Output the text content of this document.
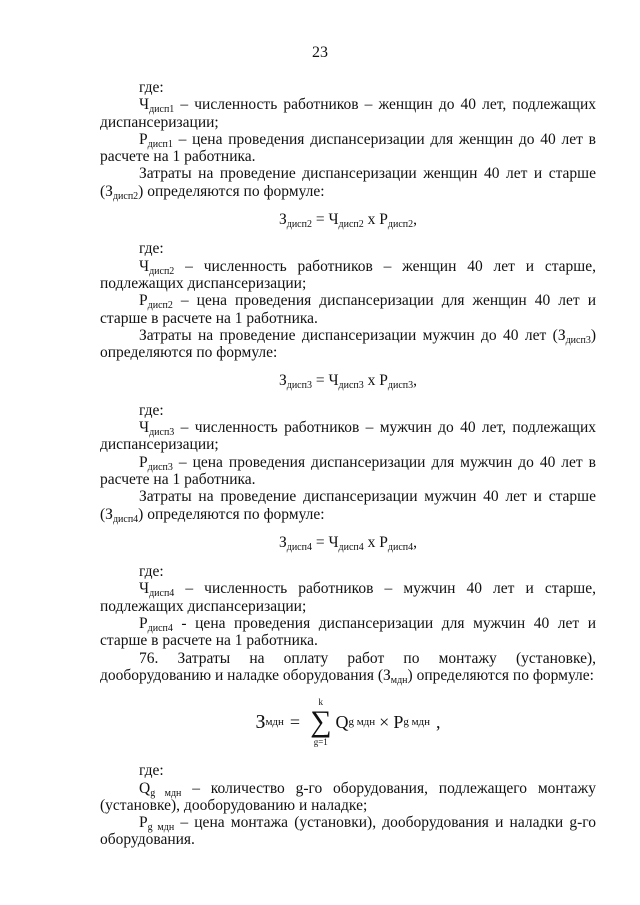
23

где:

$Ч_{дисп1}$ – численность работников – женщин до 40 лет, подлежащих диспансеризации;

$Р_{дисп1}$ – цена проведения диспансеризации для женщин до 40 лет в расчете на 1 работника.

Затраты на проведение диспансеризации женщин 40 лет и старше $(З_{дисп2})$ определяются по формуле:

$З_{дисп2} = Ч_{дисп2}$ х $Р_{дисп2}$,

где:

$Ч_{дисп2}$ – численность работников – женщин 40 лет и старше, подлежащих диспансеризации;

$Р_{дисп2}$ – цена проведения диспансеризации для женщин 40 лет и старше в расчете на 1 работника.

Затраты на проведение диспансеризации мужчин до 40 лет $(З_{дисп3})$ определяются по формуле:

$З_{дисп3} = Ч_{дисп3}$ х $Р_{дисп3}$,

где:

$Ч_{дисп3}$ – численность работников – мужчин до 40 лет, подлежащих диспансеризации;

$Р_{дисп3}$ – цена проведения диспансеризации для мужчин до 40 лет в расчете на 1 работника.

Затраты на проведение диспансеризации мужчин 40 лет и старше $(З_{дисп4})$ определяются по формуле:

$З_{дисп4} = Ч_{дисп4}$ х $Р_{дисп4}$,

где:

$Ч_{дисп4}$ – численность работников – мужчин 40 лет и старше, подлежащих диспансеризации;

$Р_{дисп4}$ - цена проведения диспансеризации для мужчин 40 лет и старше в расчете на 1 работника.

76. Затраты на оплату работ по монтажу (установке), дооборудованию и наладке оборудования $(З_{мдн})$ определяются по формуле:

З мдн =
k
∑
g=1
Q g мдн × P g мдн ,

где:

$Q_{g мдн}$ – количество g-го оборудования, подлежащего монтажу (установке), дооборудованию и наладке;

$Р_{g мдн}$ – цена монтажа (установки), дооборудования и наладки g-го оборудования.
